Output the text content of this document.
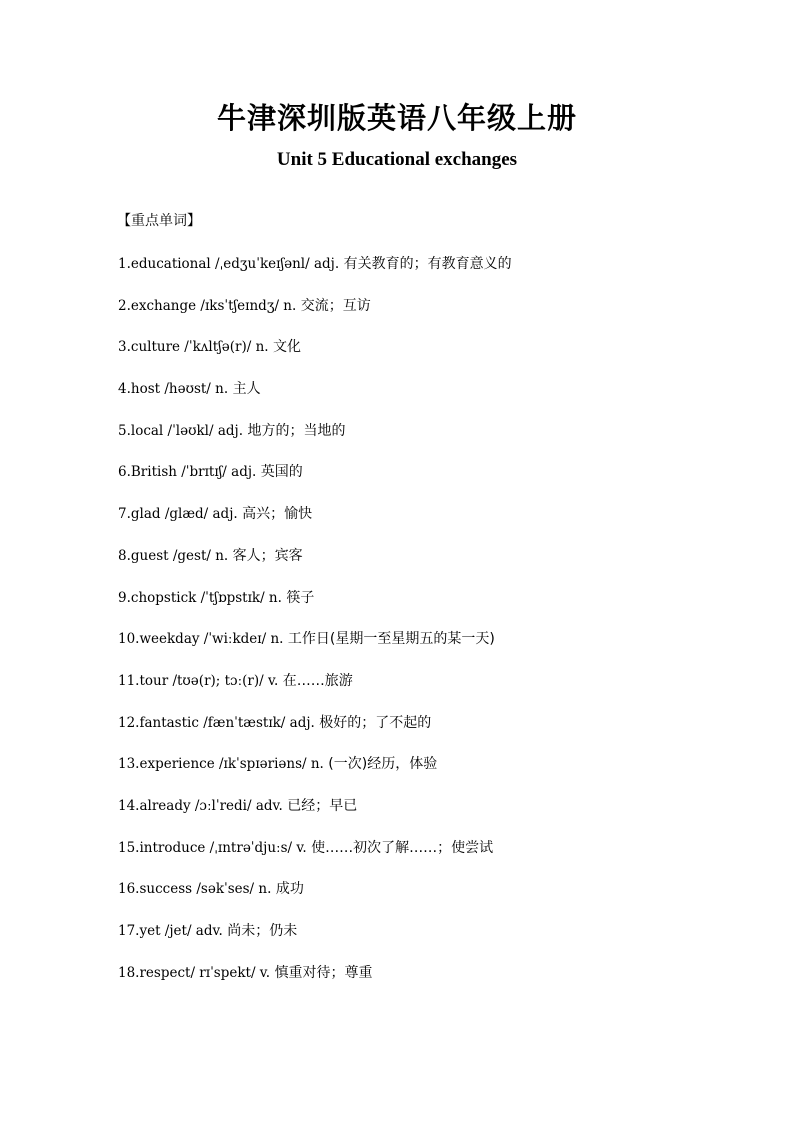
牛津深圳版英语八年级上册
Unit 5 Educational exchanges
【重点单词】
1.educational /ˌedʒuˈkeɪʃənl/ adj. 有关教育的；有教育意义的
2.exchange /ɪksˈtʃeɪndʒ/ n. 交流；互访
3.culture /ˈkʌltʃə(r)/ n. 文化
4.host /həʊst/ n. 主人
5.local /ˈləʊkl/ adj. 地方的；当地的
6.British /ˈbrɪtɪʃ/ adj. 英国的
7.glad /glæd/ adj. 高兴；愉快
8.guest /gest/ n. 客人；宾客
9.chopstick /ˈtʃɒpstɪk/ n. 筷子
10.weekday /ˈwiːkdeɪ/ n. 工作日(星期一至星期五的某一天)
11.tour /tʊə(r); tɔː(r)/ v. 在……旅游
12.fantastic /fænˈtæstɪk/ adj. 极好的；了不起的
13.experience /ɪkˈspɪəriəns/ n. (一次)经历，体验
14.already /ɔːlˈredi/ adv. 已经；早已
15.introduce /ˌɪntrəˈdjuːs/ v. 使……初次了解……；使尝试
16.success /səkˈses/ n. 成功
17.yet /jet/ adv. 尚未；仍未
18.respect/ rɪˈspekt/ v. 慎重对待；尊重
